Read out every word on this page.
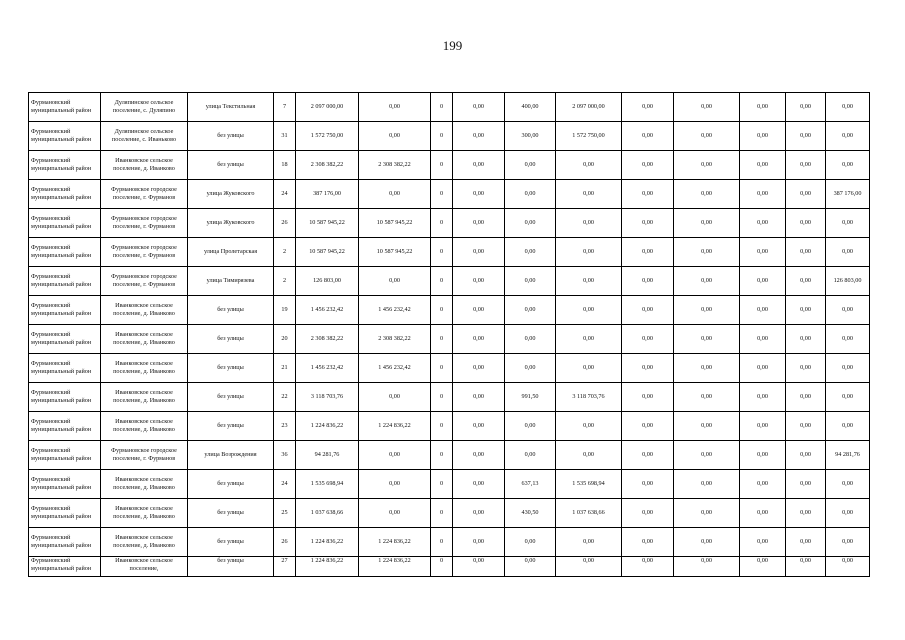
199
Фурмановский муниципальный район	Дуляпинское сельское поселение, с. Дуляпино	улица Текстильная	7	2 097 000,00	0,00	0	0,00	400,00	2 097 000,00	0,00	0,00	0,00	0,00	0,00
Фурмановский муниципальный район	Дуляпинское сельское поселение, с. Иваньково	без улицы	31	1 572 750,00	0,00	0	0,00	300,00	1 572 750,00	0,00	0,00	0,00	0,00	0,00
Фурмановский муниципальный район	Иванковское сельское поселение, д. Иванково	без улицы	18	2 308 382,22	2 308 382,22	0	0,00	0,00	0,00	0,00	0,00	0,00	0,00	0,00
Фурмановский муниципальный район	Фурмановское городское поселение, г. Фурманов	улица Жуковского	24	387 176,00	0,00	0	0,00	0,00	0,00	0,00	0,00	0,00	0,00	387 176,00
Фурмановский муниципальный район	Фурмановское городское поселение, г. Фурманов	улица Жуковского	26	10 587 945,22	10 587 945,22	0	0,00	0,00	0,00	0,00	0,00	0,00	0,00	0,00
Фурмановский муниципальный район	Фурмановское городское поселение, г. Фурманов	улица Пролетарская	2	10 587 945,22	10 587 945,22	0	0,00	0,00	0,00	0,00	0,00	0,00	0,00	0,00
Фурмановский муниципальный район	Фурмановское городское поселение, г. Фурманов	улица Тимирязева	2	126 803,00	0,00	0	0,00	0,00	0,00	0,00	0,00	0,00	0,00	126 803,00
Фурмановский муниципальный район	Иванковское сельское поселение, д. Иванково	без улицы	19	1 456 232,42	1 456 232,42	0	0,00	0,00	0,00	0,00	0,00	0,00	0,00	0,00
Фурмановский муниципальный район	Иванковское сельское поселение, д. Иванково	без улицы	20	2 308 382,22	2 308 382,22	0	0,00	0,00	0,00	0,00	0,00	0,00	0,00	0,00
Фурмановский муниципальный район	Иванковское сельское поселение, д. Иванково	без улицы	21	1 456 232,42	1 456 232,42	0	0,00	0,00	0,00	0,00	0,00	0,00	0,00	0,00
Фурмановский муниципальный район	Иванковское сельское поселение, д. Иванково	без улицы	22	3 118 703,76	0,00	0	0,00	991,50	3 118 703,76	0,00	0,00	0,00	0,00	0,00
Фурмановский муниципальный район	Иванковское сельское поселение, д. Иванково	без улицы	23	1 224 836,22	1 224 836,22	0	0,00	0,00	0,00	0,00	0,00	0,00	0,00	0,00
Фурмановский муниципальный район	Фурмановское городское поселение, г. Фурманов	улица Возрождения	36	94 281,76	0,00	0	0,00	0,00	0,00	0,00	0,00	0,00	0,00	94 281,76
Фурмановский муниципальный район	Иванковское сельское поселение, д. Иванково	без улицы	24	1 535 698,94	0,00	0	0,00	637,13	1 535 698,94	0,00	0,00	0,00	0,00	0,00
Фурмановский муниципальный район	Иванковское сельское поселение, д. Иванково	без улицы	25	1 037 638,66	0,00	0	0,00	430,50	1 037 638,66	0,00	0,00	0,00	0,00	0,00
Фурмановский муниципальный район	Иванковское сельское поселение, д. Иванково	без улицы	26	1 224 836,22	1 224 836,22	0	0,00	0,00	0,00	0,00	0,00	0,00	0,00	0,00
Фурмановский муниципальный район	Иванковское сельское поселение,	без улицы	27	1 224 836,22	1 224 836,22	0	0,00	0,00	0,00	0,00	0,00	0,00	0,00	0,00
